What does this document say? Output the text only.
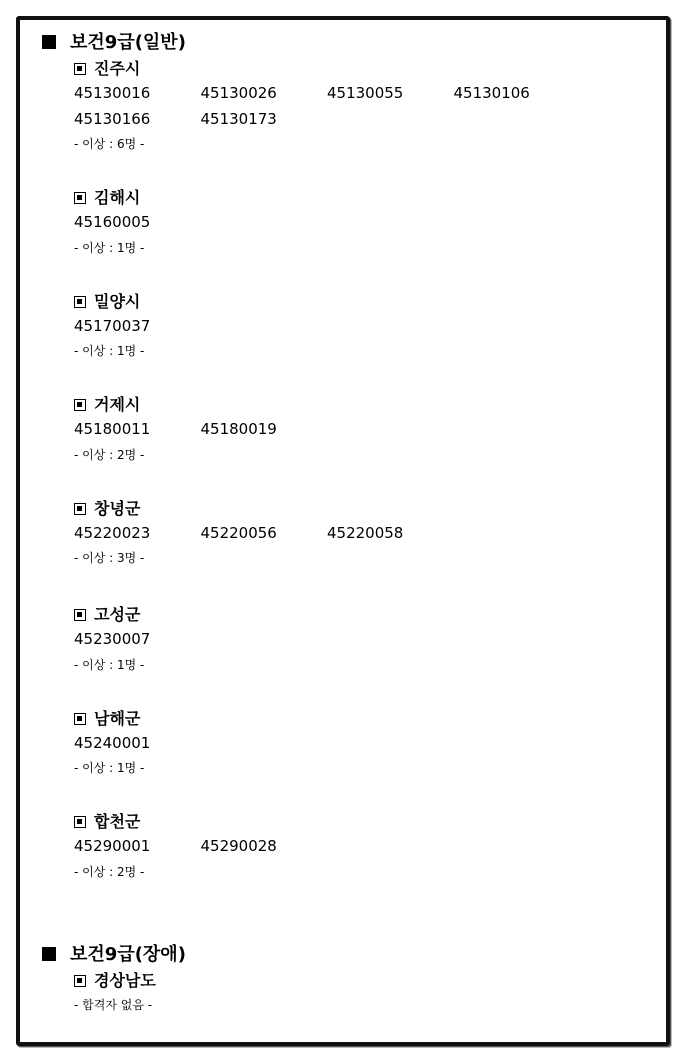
보건9급(일반)
진주시
45130016	45130026	45130055	45130106
45130166	45130173
- 이상 : 6명 -
김해시
45160005
- 이상 : 1명 -
밀양시
45170037
- 이상 : 1명 -
거제시
45180011	45180019
- 이상 : 2명 -
창녕군
45220023	45220056	45220058
- 이상 : 3명 -
고성군
45230007
- 이상 : 1명 -
남해군
45240001
- 이상 : 1명 -
합천군
45290001	45290028
- 이상 : 2명 -
보건9급(장애)
경상남도
- 합격자 없음 -
